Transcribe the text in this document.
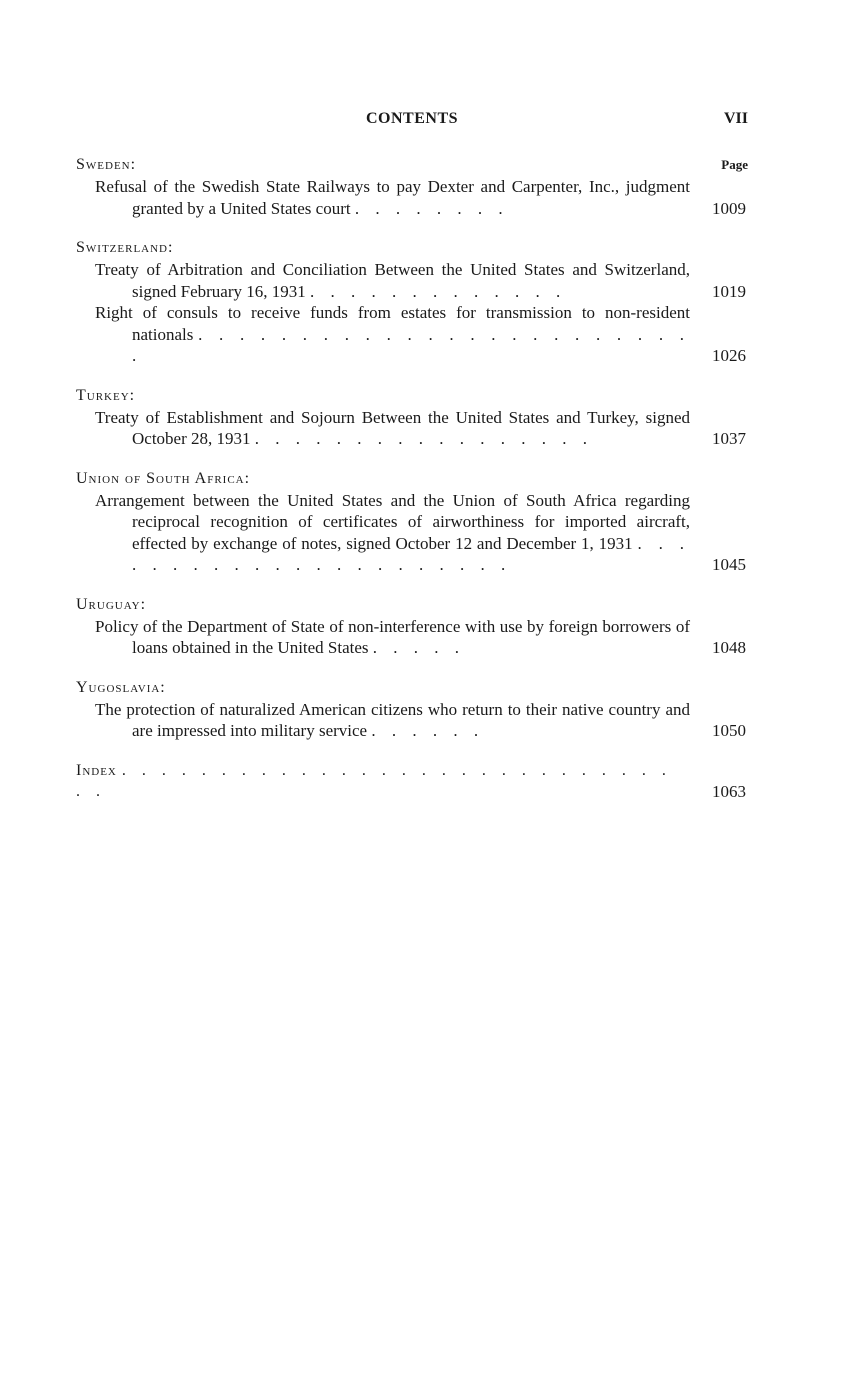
CONTENTS	VII
Page
Sweden:
Refusal of the Swedish State Railways to pay Dexter and Carpenter, Inc., judgment granted by a United States court . . . . . . . .	1009
Switzerland:
Treaty of Arbitration and Conciliation Between the United States and Switzerland, signed February 16, 1931 . . . . . . . . . . . . .	1019
Right of consuls to receive funds from estates for transmission to non-resident nationals . . . . . . . . . . . . . . . . . . . . . . . . .	1026
Turkey:
Treaty of Establishment and Sojourn Between the United States and Turkey, signed October 28, 1931 . . . . . . . . . . . . . . . . .	1037
Union of South Africa:
Arrangement between the United States and the Union of South Africa regarding reciprocal recognition of certificates of airworthiness for imported aircraft, effected by exchange of notes, signed October 12 and December 1, 1931 . . . . . . . . . . . . . . . . . . . . . .	1045
Uruguay:
Policy of the Department of State of non-interference with use by foreign borrowers of loans obtained in the United States . . . . .	1048
Yugoslavia:
The protection of naturalized American citizens who return to their native country and are impressed into military service . . . . . .	1050
Index . . . . . . . . . . . . . . . . . . . . . . . . . . . . . .	1063
